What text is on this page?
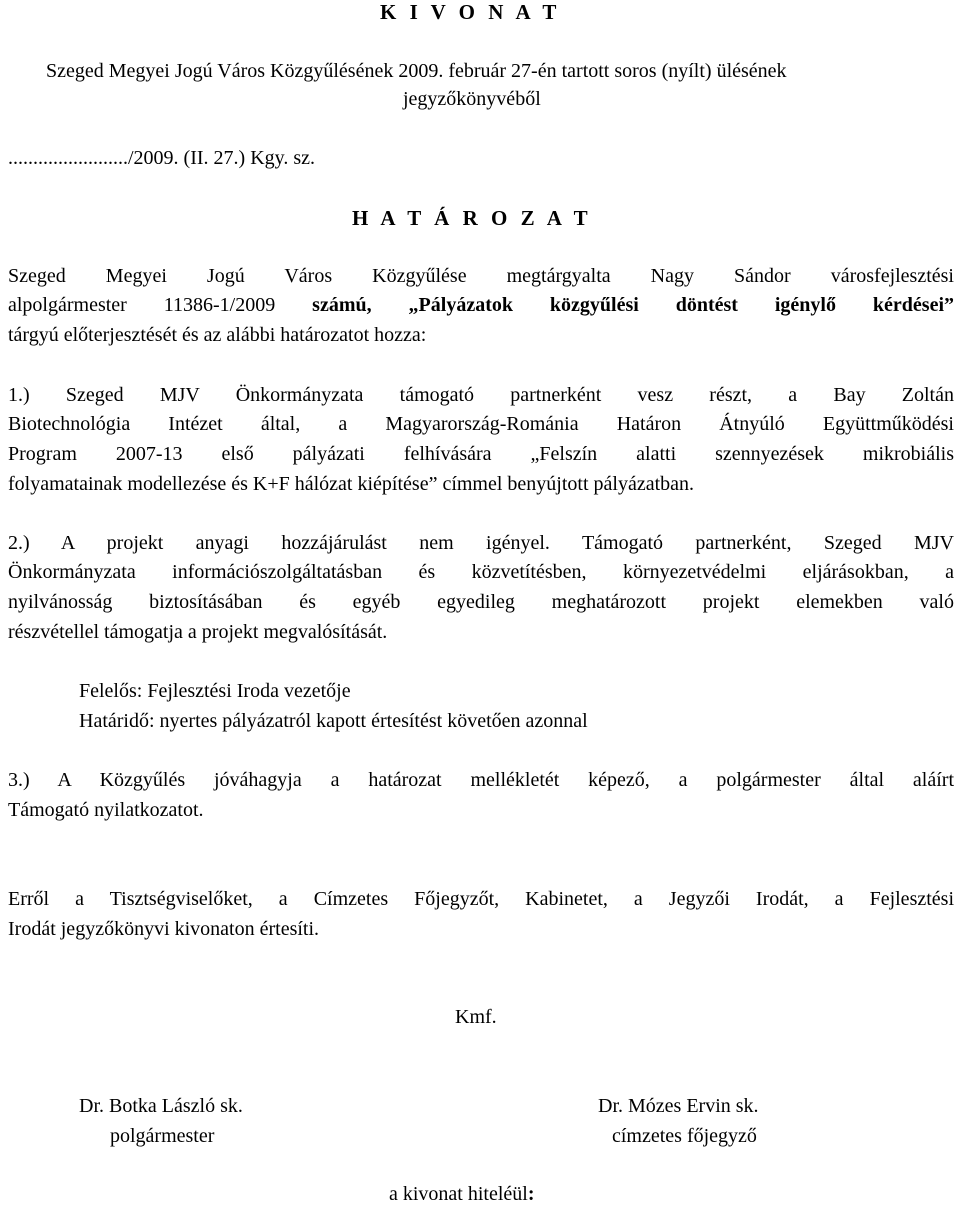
K I V O N A T
Szeged Megyei Jogú Város Közgyűlésének 2009. február 27-én tartott soros (nyílt) ülésének
jegyzőkönyvéből
......................../2009. (II. 27.) Kgy. sz.
H A T Á R O Z A T
Szeged Megyei Jogú Város Közgyűlése megtárgyalta Nagy Sándor városfejlesztési
alpolgármester 11386-1/2009 számú, „Pályázatok közgyűlési döntést igénylő kérdései”
tárgyú előterjesztését és az alábbi határozatot hozza:
1.) Szeged MJV Önkormányzata támogató partnerként vesz részt, a Bay Zoltán
Biotechnológia Intézet által, a Magyarország-Románia Határon Átnyúló Együttműködési
Program 2007-13 első pályázati felhívására „Felszín alatti szennyezések mikrobiális
folyamatainak modellezése és K+F hálózat kiépítése” címmel benyújtott pályázatban.
2.) A projekt anyagi hozzájárulást nem igényel. Támogató partnerként, Szeged MJV
Önkormányzata információszolgáltatásban és közvetítésben, környezetvédelmi eljárásokban, a
nyilvánosság biztosításában és egyéb egyedileg meghatározott projekt elemekben való
részvétellel támogatja a projekt megvalósítását.
Felelős: Fejlesztési Iroda vezetője
Határidő: nyertes pályázatról kapott értesítést követően azonnal
3.) A Közgyűlés jóváhagyja a határozat mellékletét képező, a polgármester által aláírt
Támogató nyilatkozatot.
Erről a Tisztségviselőket, a Címzetes Főjegyzőt, Kabinetet, a Jegyzői Irodát, a Fejlesztési
Irodát jegyzőkönyvi kivonaton értesíti.
Kmf.
Dr. Botka László sk.
polgármester
Dr. Mózes Ervin sk.
címzetes főjegyző
a kivonat hiteléül:
